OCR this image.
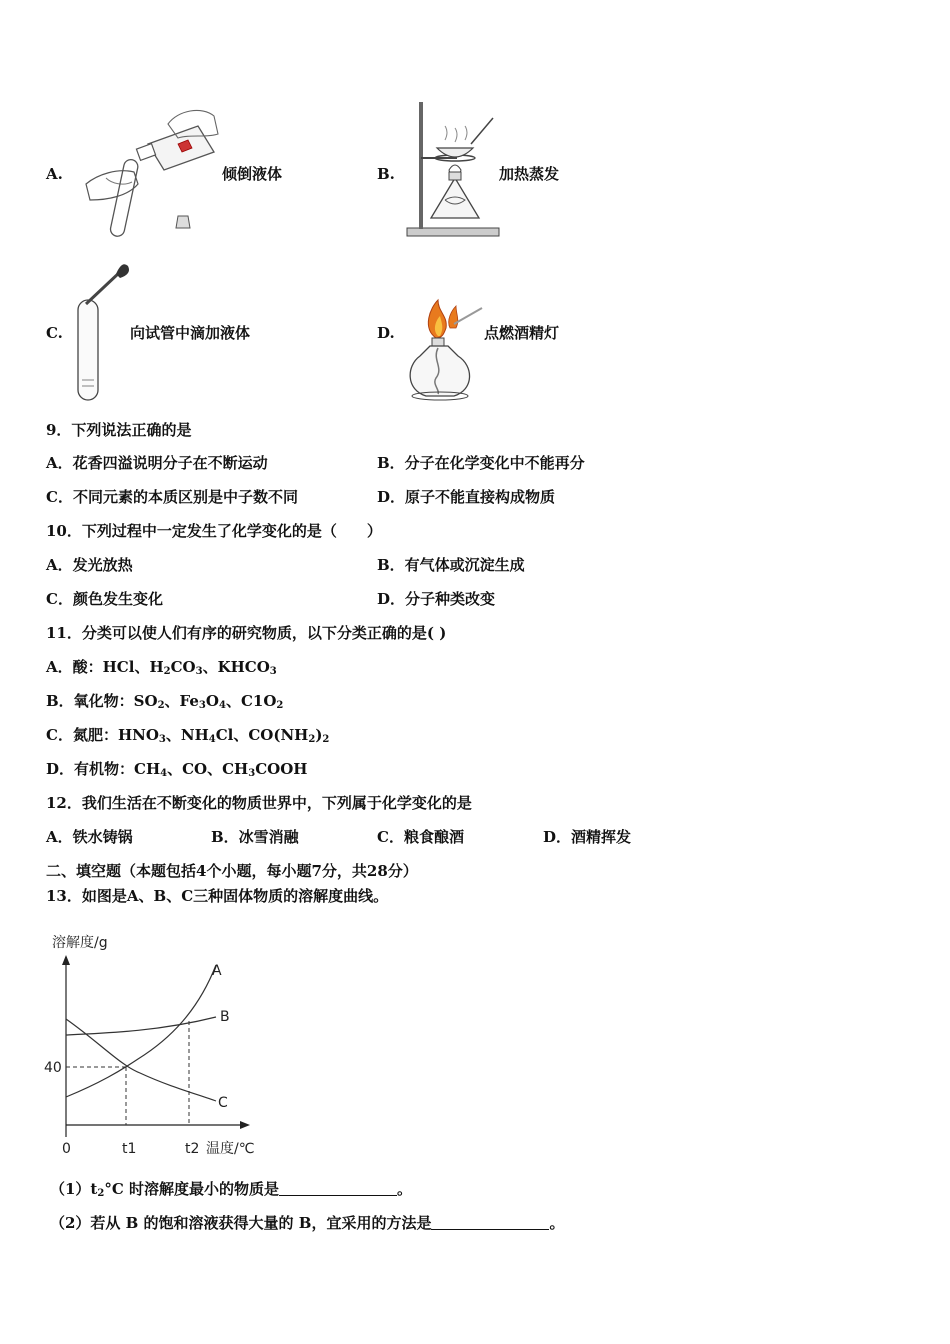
A.	倾倒液体	B.	加热蒸发
C.	向试管中滴加液体	D.	点燃酒精灯
9．下列说法正确的是
A．花香四溢说明分子在不断运动	B．分子在化学变化中不能再分
C．不同元素的本质区别是中子数不同	D．原子不能直接构成物质
10．下列过程中一定发生了化学变化的是（　　）
A．发光放热	B．有气体或沉淀生成
C．颜色发生变化	D．分子种类改变
11．分类可以使人们有序的研究物质，以下分类正确的是( )
A．酸：HCl、$H_2CO_3$、$KHCO_3$
B．氧化物：$SO_2$、$Fe_3O_4$、$C1O_2$
C．氮肥：$HNO_3$、$NH_4Cl$、$CO(NH_2)_2$
D．有机物：$CH_4$、CO、$CH_3COOH$
12．我们生活在不断变化的物质世界中，下列属于化学变化的是
A．铁水铸锅	B．冰雪消融	C．粮食酿酒	D．酒精挥发
二、填空题（本题包括4个小题，每小题7分，共28分）
13．如图是A、B、C三种固体物质的溶解度曲线。
溶解度/g
A
B
C
40
0	t1	t2 温度/℃
$(1)t_2^\circ C$ 时溶解度最小的物质是	。
（2）若从 B 的饱和溶液获得大量的 B，宜采用的方法是	。
